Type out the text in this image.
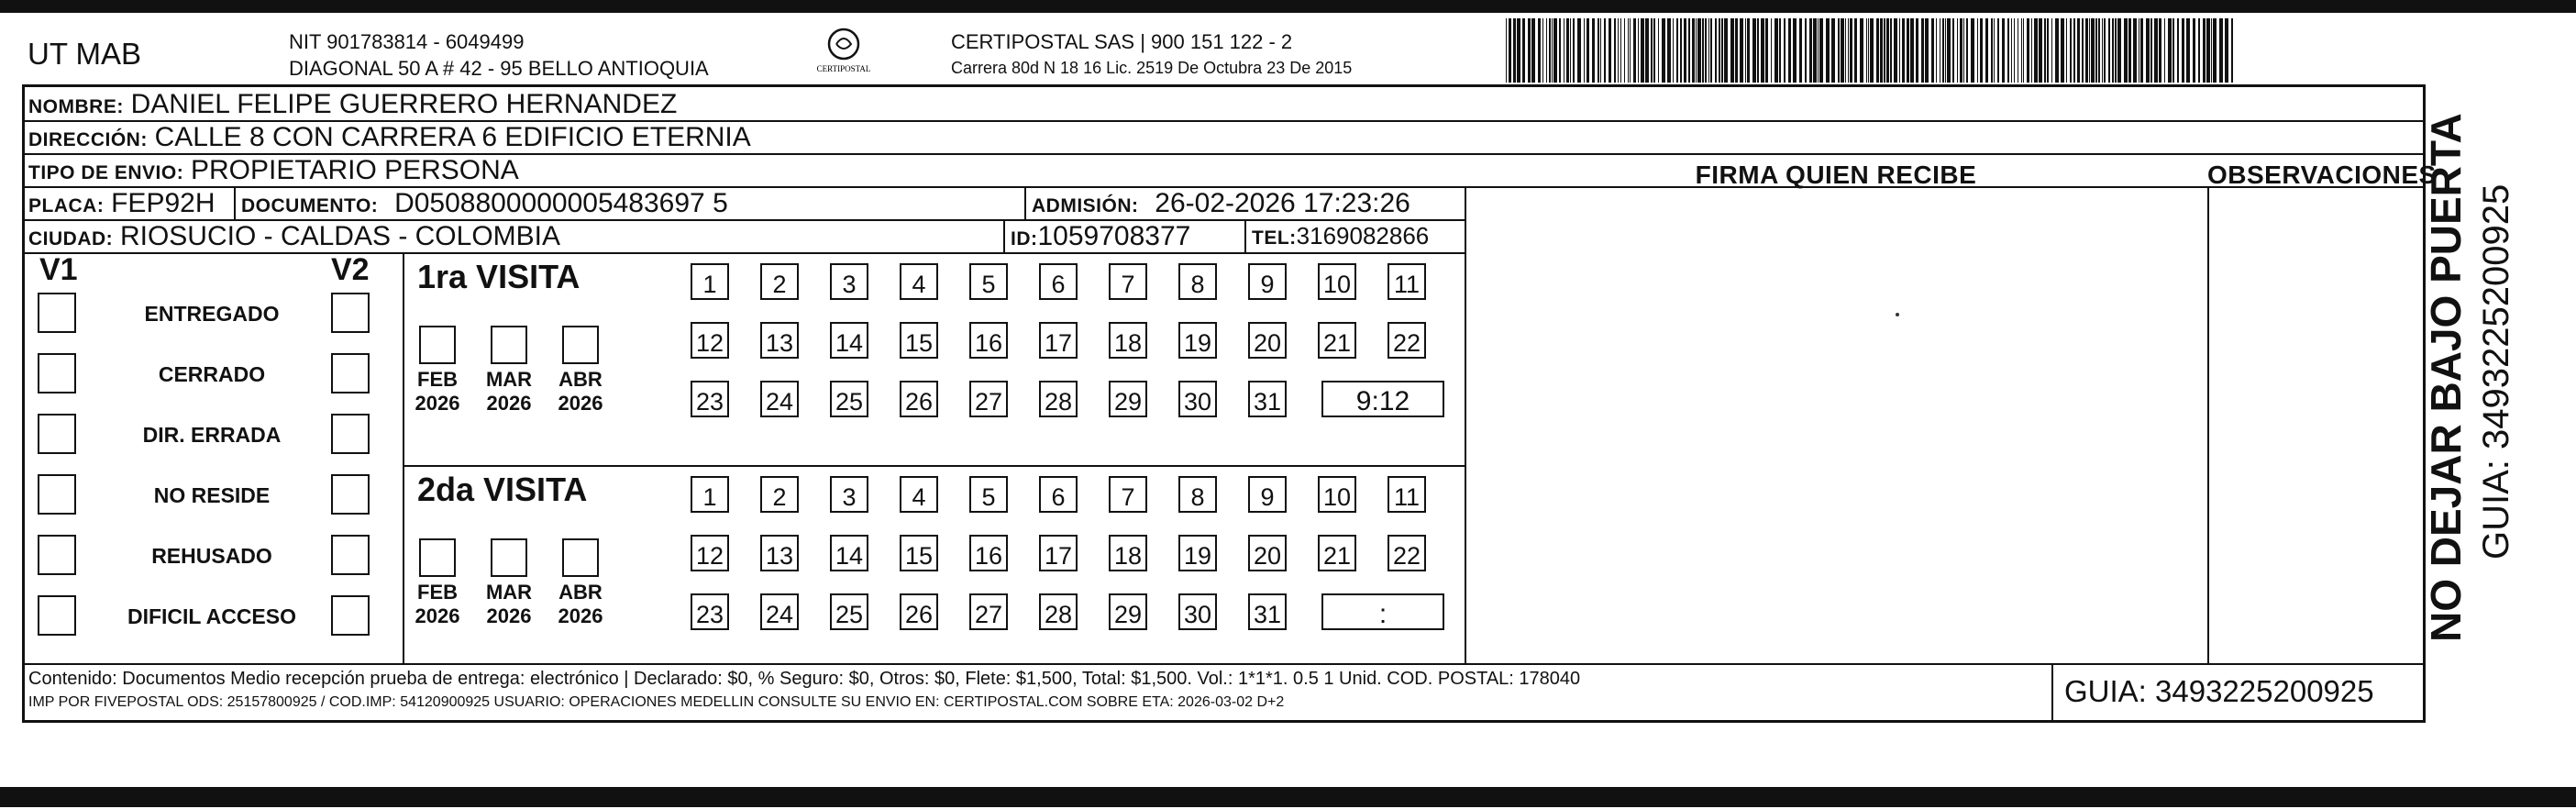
UT MAB	NIT 901783814 - 6049499
DIAGONAL 50 A # 42 - 95 BELLO ANTIOQUIA	CERTIPOSTAL
CERTIPOSTAL SAS | 900 151 122 - 2
Carrera 80d N 18 16 Lic. 2519 De Octubra 23 De 2015
NOMBRE: DANIEL FELIPE GUERRERO HERNANDEZ
DIRECCIÓN: CALLE 8 CON CARRERA 6 EDIFICIO ETERNIA
TIPO DE ENVIO: PROPIETARIO PERSONA	FIRMA QUIEN RECIBE	OBSERVACIONES
PLACA: FEP92H DOCUMENTO: D0508800000005483697 5	ADMISIÓN: 26-02-2026 17:23:26
CIUDAD: RIOSUCIO - CALDAS - COLOMBIA	ID:1059708377	TEL:3169082866
V1	V2
ENTREGADO
CERRADO
DIR. ERRADA
NO RESIDE
REHUSADO
DIFICIL ACCESO
1ra VISITA
FEB
2026
MAR
2026
ABR
2026
1	2	3	4	5	6	7	8	9	10 11
12 13 14 15 16 17 18 19 20 21 22
23 24 25 26 27 28 29 30 31	9:12
2da VISITA
FEB
2026
MAR
2026
ABR
2026
1	2	3	4	5	6	7	8	9	10 11
12 13 14 15 16 17 18 19 20 21 22
23 24 25 26 27 28 29 30 31	:
Contenido: Documentos Medio recepción prueba de entrega: electrónico | Declarado: $0, % Seguro: $0, Otros: $0, Flete: $1,500, Total: $1,500. Vol.: 1*1*1. 0.5 1 Unid. COD. POSTAL: 178040
IMP POR FIVEPOSTAL ODS: 25157800925 / COD.IMP: 54120900925 USUARIO: OPERACIONES MEDELLIN CONSULTE SU ENVIO EN: CERTIPOSTAL.COM SOBRE ETA: 2026-03-02 D+2	GUIA: 3493225200925
NO DEJAR BAJO PUERTA GUIA: 3493225200925
